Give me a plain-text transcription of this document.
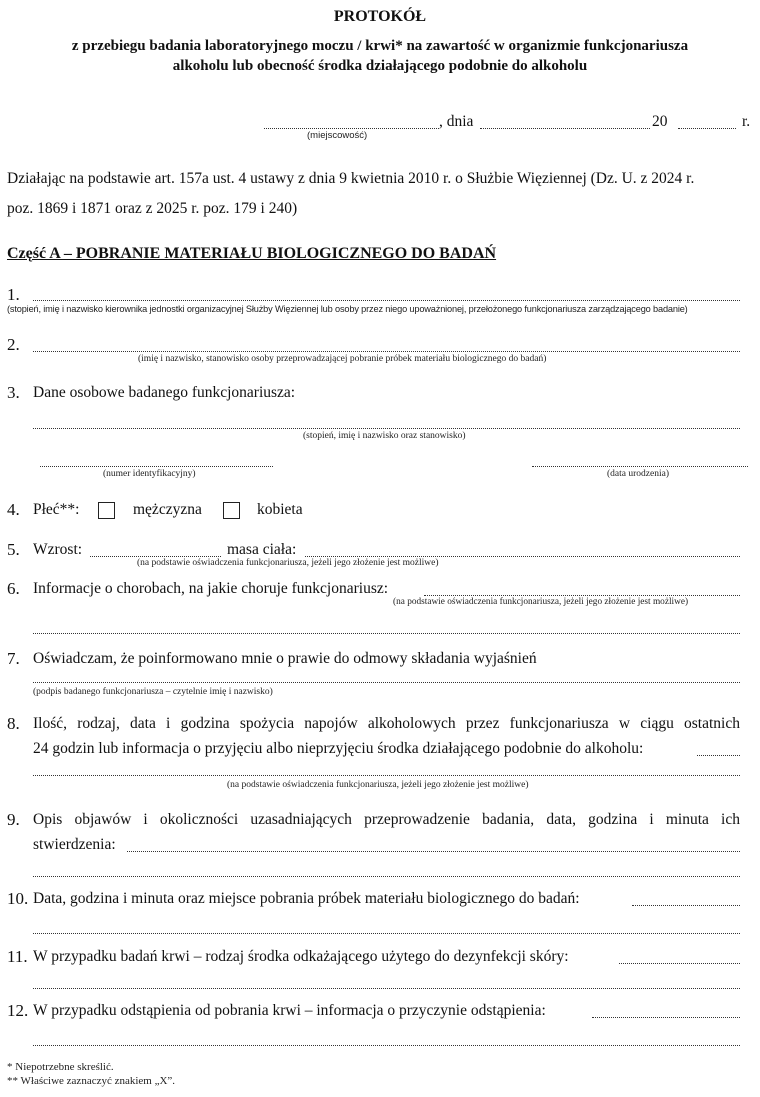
PROTOKÓŁ
z przebiegu badania laboratoryjnego moczu / krwi* na zawartość w organizmie funkcjonariusza
alkoholu lub obecność środka działającego podobnie do alkoholu
(miejscowość)
, dnia	20	r.
Działając na podstawie art. 157a ust. 4 ustawy z dnia 9 kwietnia 2010 r. o Służbie Więziennej (Dz. U. z 2024 r.
poz. 1869 i 1871 oraz z 2025 r. poz. 179 i 240)
Część A – POBRANIE MATERIAŁU BIOLOGICZNEGO DO BADAŃ
1.
(stopień, imię i nazwisko kierownika jednostki organizacyjnej Służby Więziennej lub osoby przez niego upoważnionej, przełożonego funkcjonariusza zarządzającego badanie)
2.
(imię i nazwisko, stanowisko osoby przeprowadzającej pobranie próbek materiału biologicznego do badań)
3. Dane osobowe badanego funkcjonariusza:
(stopień, imię i nazwisko oraz stanowisko)
(numer identyfikacyjny)	(data urodzenia)
4. Płeć**:	mężczyzna	kobieta
5. Wzrost:	masa ciała:
(na podstawie oświadczenia funkcjonariusza, jeżeli jego złożenie jest możliwe)
6. Informacje o chorobach, na jakie choruje funkcjonariusz:
(na podstawie oświadczenia funkcjonariusza, jeżeli jego złożenie jest możliwe)
7. Oświadczam, że poinformowano mnie o prawie do odmowy składania wyjaśnień
(podpis badanego funkcjonariusza – czytelnie imię i nazwisko)
8. Ilość, rodzaj, data i godzina spożycia napojów alkoholowych przez funkcjonariusza w ciągu ostatnich
24 godzin lub informacja o przyjęciu albo nieprzyjęciu środka działającego podobnie do alkoholu:
(na podstawie oświadczenia funkcjonariusza, jeżeli jego złożenie jest możliwe)
9. Opis objawów i okoliczności uzasadniających przeprowadzenie badania, data, godzina i minuta ich
stwierdzenia:
10. Data, godzina i minuta oraz miejsce pobrania próbek materiału biologicznego do badań:
11. W przypadku badań krwi – rodzaj środka odkażającego użytego do dezynfekcji skóry:
12. W przypadku odstąpienia od pobrania krwi – informacja o przyczynie odstąpienia:
* Niepotrzebne skreślić.
** Właściwe zaznaczyć znakiem „X”.
